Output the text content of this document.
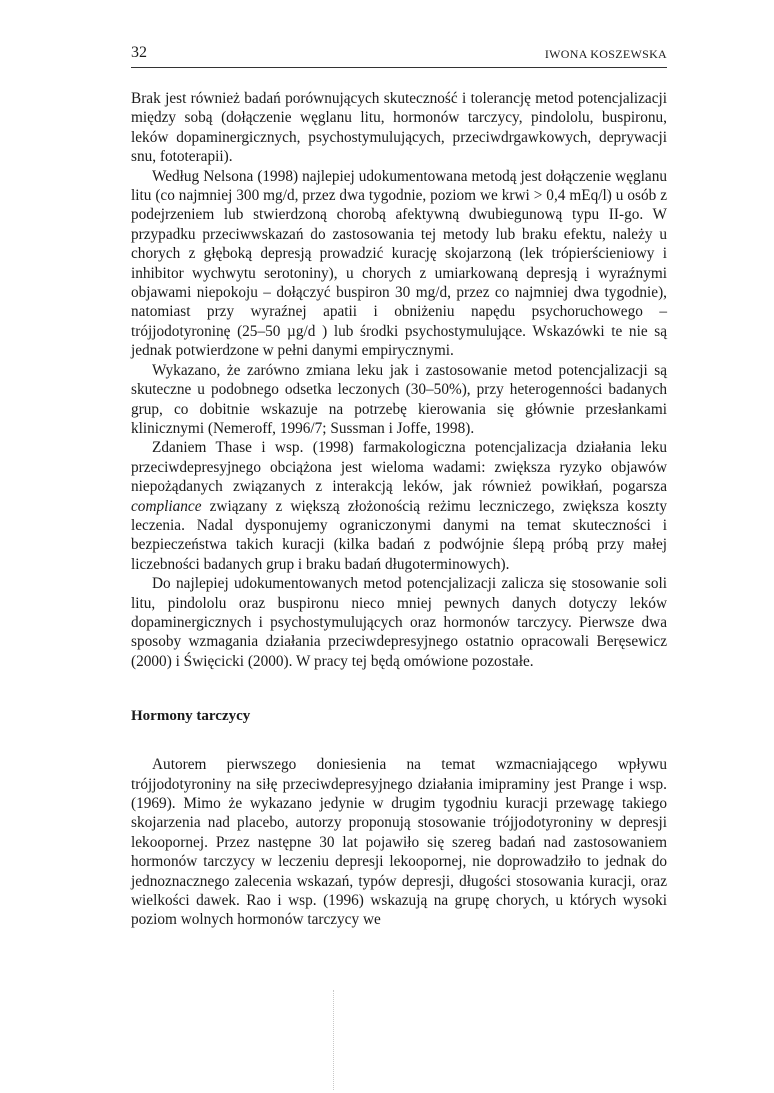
32	IWONA KOSZEWSKA

Brak jest również badań porównujących skuteczność i tolerancję metod potencjalizacji między sobą (dołączenie węglanu litu, hormonów tarczycy, pindololu, buspironu, leków dopaminergicznych, psychostymulujących, przeciwdrgawkowych, deprywacji snu, fototerapii).

Według Nelsona (1998) najlepiej udokumentowana metodą jest dołączenie węglanu litu (co najmniej 300 mg/d, przez dwa tygodnie, poziom we krwi > 0,4 mEq/l) u osób z podejrzeniem lub stwierdzoną chorobą afektywną dwubiegunową typu II-go. W przypadku przeciwwskazań do zastosowania tej metody lub braku efektu, należy u chorych z głęboką depresją prowadzić kurację skojarzoną (lek trópierścieniowy i inhibitor wychwytu serotoniny), u chorych z umiarkowaną depresją i wyraźnymi objawami niepokoju – dołączyć buspiron 30 mg/d, przez co najmniej dwa tygodnie), natomiast przy wyraźnej apatii i obniżeniu napędu psychoruchowego – trójjodotyroninę (25–50 µg/d ) lub środki psychostymulujące. Wskazówki te nie są jednak potwierdzone w pełni danymi empirycznymi.

Wykazano, że zarówno zmiana leku jak i zastosowanie metod potencjalizacji są skuteczne u podobnego odsetka leczonych (30–50%), przy heterogenności badanych grup, co dobitnie wskazuje na potrzebę kierowania się głównie przesłankami klinicznymi (Nemeroff, 1996/7; Sussman i Joffe, 1998).

Zdaniem Thase i wsp. (1998) farmakologiczna potencjalizacja działania leku przeciwdepresyjnego obciążona jest wieloma wadami: zwiększa ryzyko objawów niepożądanych związanych z interakcją leków, jak również powikłań, pogarsza compliance związany z większą złożonością reżimu leczniczego, zwiększa koszty leczenia. Nadal dysponujemy ograniczonymi danymi na temat skuteczności i bezpieczeństwa takich kuracji (kilka badań z podwójnie ślepą próbą przy małej liczebności badanych grup i braku badań długoterminowych).

Do najlepiej udokumentowanych metod potencjalizacji zalicza się stosowanie soli litu, pindololu oraz buspironu nieco mniej pewnych danych dotyczy leków dopaminergicznych i psychostymulujących oraz hormonów tarczycy. Pierwsze dwa sposoby wzmagania działania przeciwdepresyjnego ostatnio opracowali Beręsewicz (2000) i Święcicki (2000). W pracy tej będą omówione pozostałe.

Hormony tarczycy

Autorem pierwszego doniesienia na temat wzmacniającego wpływu trójjodotyroniny na siłę przeciwdepresyjnego działania imipraminy jest Prange i wsp. (1969). Mimo że wykazano jedynie w drugim tygodniu kuracji przewagę takiego skojarzenia nad placebo, autorzy proponują stosowanie trójjodotyroniny w depresji lekoopornej. Przez następne 30 lat pojawiło się szereg badań nad zastosowaniem hormonów tarczycy w leczeniu depresji lekoopornej, nie doprowadziło to jednak do jednoznacznego zalecenia wskazań, typów depresji, długości stosowania kuracji, oraz wielkości dawek. Rao i wsp. (1996) wskazują na grupę chorych, u których wysoki poziom wolnych hormonów tarczycy we
